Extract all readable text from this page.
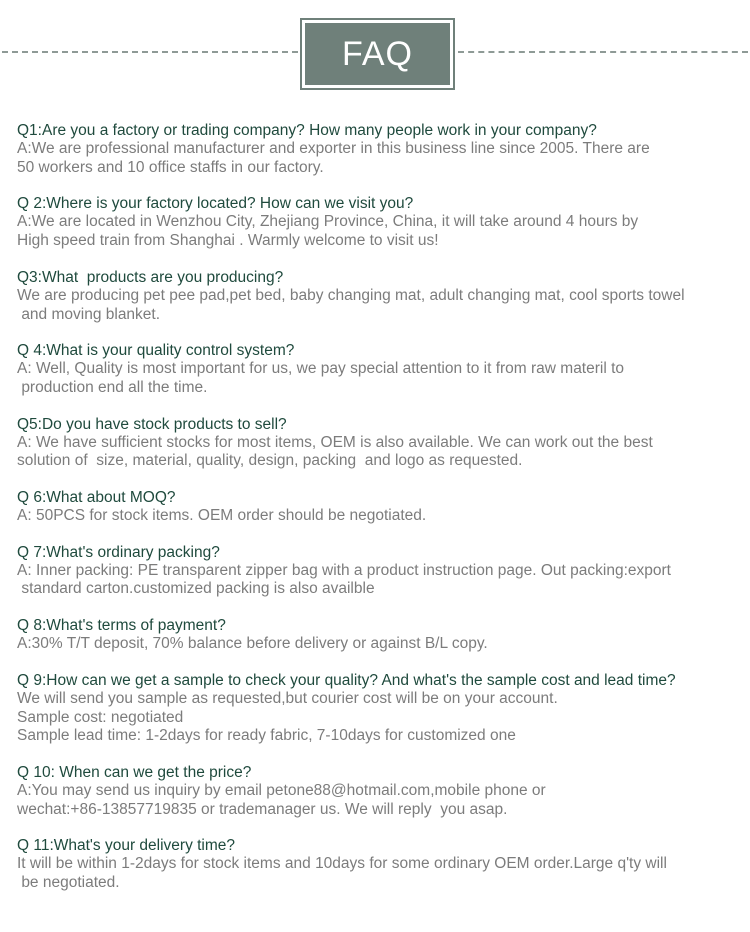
FAQ
Q1:Are you a factory or trading company? How many people work in your company?
A:We are professional manufacturer and exporter in this business line since 2005. There are
50 workers and 10 office staffs in our factory.
Q 2:Where is your factory located? How can we visit you?
A:We are located in Wenzhou City, Zhejiang Province, China, it will take around 4 hours by
High speed train from Shanghai . Warmly welcome to visit us!
Q3:What  products are you producing?
We are producing pet pee pad,pet bed, baby changing mat, adult changing mat, cool sports towel
and moving blanket.
Q 4:What is your quality control system?
A: Well, Quality is most important for us, we pay special attention to it from raw materil to
production end all the time.
Q5:Do you have stock products to sell?
A: We have sufficient stocks for most items, OEM is also available. We can work out the best
solution of  size, material, quality, design, packing  and logo as requested.
Q 6:What about MOQ?
A: 50PCS for stock items. OEM order should be negotiated.
Q 7:What's ordinary packing?
A: Inner packing: PE transparent zipper bag with a product instruction page. Out packing:export
standard carton.customized packing is also availble
Q 8:What's terms of payment?
A:30% T/T deposit, 70% balance before delivery or against B/L copy.
Q 9:How can we get a sample to check your quality? And what's the sample cost and lead time?
We will send you sample as requested,but courier cost will be on your account.
Sample cost: negotiated
Sample lead time: 1-2days for ready fabric, 7-10days for customized one
Q 10: When can we get the price?
A:You may send us inquiry by email petone88@hotmail.com,mobile phone or
wechat:+86-13857719835 or trademanager us. We will reply  you asap.
Q 11:What's your delivery time?
It will be within 1-2days for stock items and 10days for some ordinary OEM order.Large q'ty will
be negotiated.
